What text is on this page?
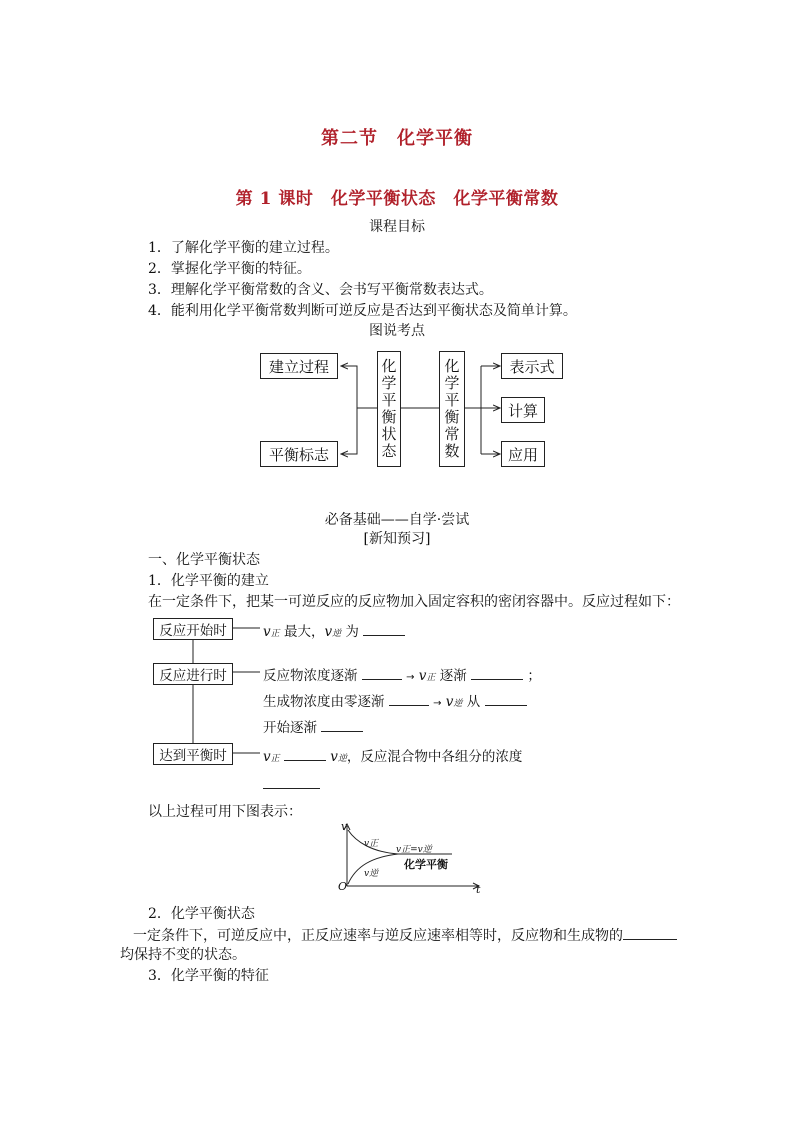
第二节　化学平衡
第 1 课时　化学平衡状态　化学平衡常数
课程目标
1．了解化学平衡的建立过程。
2．掌握化学平衡的特征。
3．理解化学平衡常数的含义、会书写平衡常数表达式。
4．能利用化学平衡常数判断可逆反应是否达到平衡状态及简单计算。
图说考点
建立过程
平衡标志	化学平衡状态	化学平衡常数	表示式
计算
应用
必备基础——自学·尝试
[新知预习]
一、化学平衡状态
1．化学平衡的建立
在一定条件下，把某一可逆反应的反应物加入固定容积的密闭容器中。反应过程如下：
反应开始时
反应进行时
达到平衡时
v正 最大，v逆 为
反应物浓度逐渐	→ v正 逐渐	；
生成物浓度由零逐渐	→ v逆 从
开始逐渐
v正	v逆，反应混合物中各组分的浓度
以上过程可用下图表示：
v
t
O
v正
v逆
v正=v逆
化学平衡
2．化学平衡状态
一定条件下，可逆反应中，正反应速率与逆反应速率相等时，反应物和生成物的
均保持不变的状态。
3．化学平衡的特征
